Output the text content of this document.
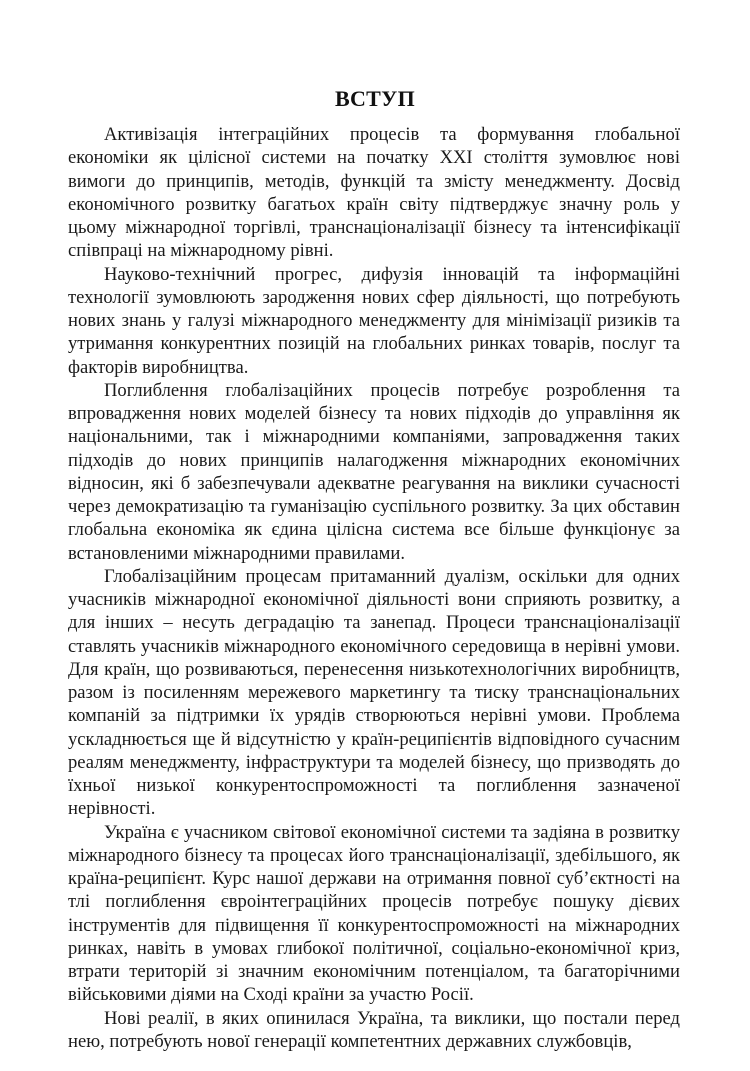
ВСТУП

Активізація інтеграційних процесів та формування глобальної економіки як цілісної системи на початку XXI століття зумовлює нові вимоги до принципів, методів, функцій та змісту менеджменту. Досвід економічного розвитку багатьох країн світу підтверджує значну роль у цьому міжнародної торгівлі, транснаціоналізації бізнесу та інтенсифікації співпраці на міжнародному рівні.

Науково-технічний прогрес, дифузія інновацій та інформаційні технології зумовлюють зародження нових сфер діяльності, що потребують нових знань у галузі міжнародного менеджменту для мінімізації ризиків та утримання конкурентних позицій на глобальних ринках товарів, послуг та факторів виробництва.

Поглиблення глобалізаційних процесів потребує розроблення та впровадження нових моделей бізнесу та нових підходів до управління як національними, так і міжнародними компаніями, запровадження таких підходів до нових принципів налагодження міжнародних економічних відносин, які б забезпечували адекватне реагування на виклики сучасності через демократизацію та гуманізацію суспільного розвитку. За цих обставин глобальна економіка як єдина цілісна система все більше функціонує за встановленими міжнародними правилами.

Глобалізаційним процесам притаманний дуалізм, оскільки для одних учасників міжнародної економічної діяльності вони сприяють розвитку, а для інших – несуть деградацію та занепад. Процеси транснаціоналізації ставлять учасників міжнародного економічного середовища в нерівні умови. Для країн, що розвиваються, перенесення низькотехнологічних виробництв, разом із посиленням мережевого маркетингу та тиску транснаціональних компаній за підтримки їх урядів створюються нерівні умови. Проблема ускладнюється ще й відсутністю у країн-реципієнтів відповідного сучасним реалям менеджменту, інфраструктури та моделей бізнесу, що призводять до їхньої низької конкурентоспроможності та поглиблення зазначеної нерівності.

Україна є учасником світової економічної системи та задіяна в розвитку міжнародного бізнесу та процесах його транснаціоналізації, здебільшого, як країна-реципієнт. Курс нашої держави на отримання повної суб’єктності на тлі поглиблення євроінтеграційних процесів потребує пошуку дієвих інструментів для підвищення її конкурентоспроможності на міжнародних ринках, навіть в умовах глибокої політичної, соціально-економічної криз, втрати територій зі значним економічним потенціалом, та багаторічними військовими діями на Сході країни за участю Росії.

Нові реалії, в яких опинилася Україна, та виклики, що постали перед нею, потребують нової генерації компетентних державних службовців,
